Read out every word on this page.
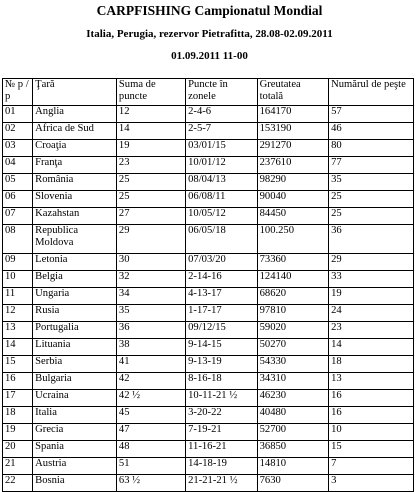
CARPFISHING Campionatul Mondial
Italia, Perugia, rezervor Pietrafitta, 28.08-02.09.2011
01.09.2011 11-00
№ p / p	Ţară	Suma de puncte	Puncte în zonele	Greutatea totală	Numărul de peşte
01	Anglia	12	2-4-6	164170	57
02	Africa de Sud	14	2-5-7	153190	46
03	Croaţia	19	03/01/15	291270	80
04	Franţa	23	10/01/12	237610	77
05	România	25	08/04/13	98290	35
06	Slovenia	25	06/08/11	90040	25
07	Kazahstan	27	10/05/12	84450	25
08	Republica Moldova	29	06/05/18	100.250	36
09	Letonia	30	07/03/20	73360	29
10	Belgia	32	2-14-16	124140	33
11	Ungaria	34	4-13-17	68620	19
12	Rusia	35	1-17-17	97810	24
13	Portugalia	36	09/12/15	59020	23
14	Lituania	38	9-14-15	50270	14
15	Serbia	41	9-13-19	54330	18
16	Bulgaria	42	8-16-18	34310	13
17	Ucraina	42 ½	10-11-21 ½	46230	16
18	Italia	45	3-20-22	40480	16
19	Grecia	47	7-19-21	52700	10
20	Spania	48	11-16-21	36850	15
21	Austria	51	14-18-19	14810	7
22	Bosnia	63 ½	21-21-21 ½	7630	3
